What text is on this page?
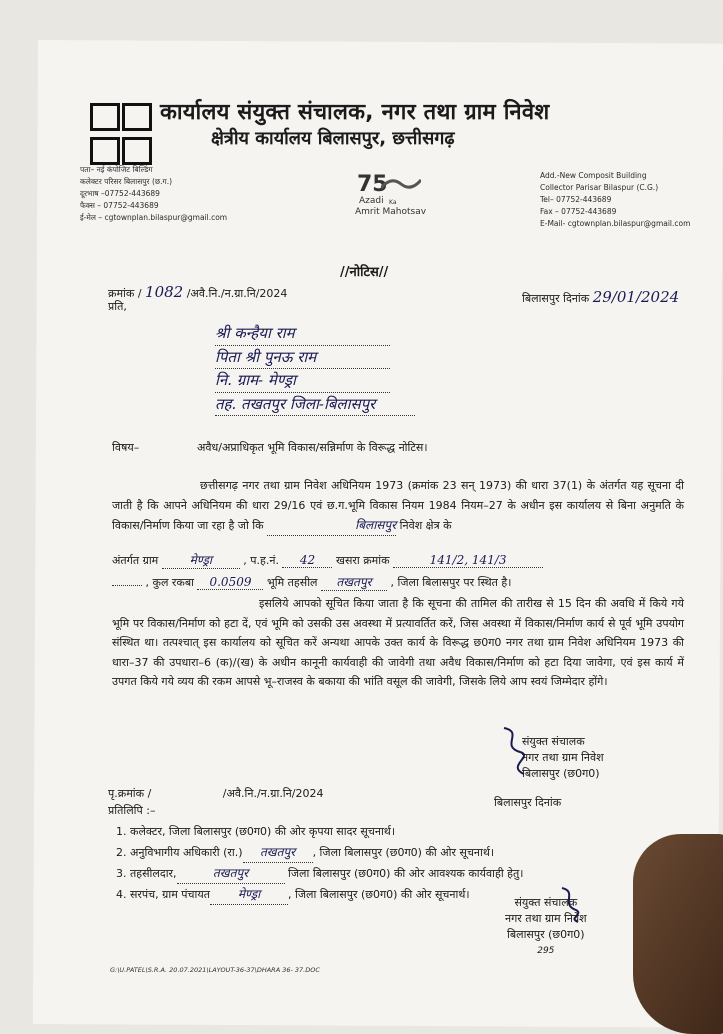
कार्यालय संयुक्त संचालक, नगर तथा ग्राम निवेश
क्षेत्रीय कार्यालय बिलासपुर, छत्तीसगढ़
पता– नई कंपोजिट बिल्डिंग
कलेक्टर परिसर बिलासपुर (छ.ग.)
दूरभाष –07752-443689
फैक्स – 07752-443689
ई-मेल – cgtownplan.bilaspur@gmail.com
75
Azadi Ka
Amrit Mahotsav
Add.-New Composit Building
Collector Parisar Bilaspur (C.G.)
Tel– 07752-443689
Fax – 07752-443689
E-Mail- cgtownplan.bilaspur@gmail.com
//नोटिस//
क्रमांक / 1082 /अवै.नि./न.ग्रा.नि/2024
प्रति,
बिलासपुर दिनांक 29/01/2024
श्री कन्हैया राम
पिता श्री पुनऊ राम
नि. ग्राम- मेण्ड्रा
तह. तखतपुर जिला-बिलासपुर
विषय–	अवैध/अप्राधिकृत भूमि विकास/सन्निर्माण के विरूद्ध नोटिस।
छत्तीसगढ़ नगर तथा ग्राम निवेश अधिनियम 1973 (क्रमांक 23 सन् 1973) की धारा 37(1) के अंतर्गत यह सूचना दी जाती है कि आपने अधिनियम की धारा 29/16 एवं छ.ग.भूमि विकास नियम 1984 नियम–27 के अधीन इस कार्यालय से बिना अनुमति के विकास/निर्माण किया जा रहा है जो कि	बिलासपुर निवेश क्षेत्र के
अंतर्गत ग्राम	मेण्ड्रा	, प.ह.नं. 42 खसरा क्रमांक	141/2, 141/3
, कुल रकबा 0.0509 भूमि तहसील तखतपुर , जिला बिलासपुर पर स्थित है।
इसलिये आपको सूचित किया जाता है कि सूचना की तामिल की तारीख से 15 दिन की अवधि में किये गये भूमि पर विकास/निर्माण को हटा दें, एवं भूमि को उसकी उस अवस्था में प्रत्यावर्तित करें, जिस अवस्था में विकास/निर्माण कार्य से पूर्व भूमि उपयोग संस्थित था। तत्पश्चात् इस कार्यालय को सूचित करें अन्यथा आपके उक्त कार्य के विरूद्ध छ0ग0 नगर तथा ग्राम निवेश अधिनियम 1973 की धारा–37 की उपधारा–6 (क)/(ख) के अधीन कानूनी कार्यवाही की जावेगी तथा अवैध विकास/निर्माण को हटा दिया जावेगा, एवं इस कार्य में उपगत किये गये व्यय की रकम आपसे भू–राजस्व के बकाया की भांति वसूल की जावेगी, जिसके लिये आप स्वयं जिम्मेदार होंगे।
संयुक्त संचालक
नगर तथा ग्राम निवेश
बिलासपुर (छ0ग0)
पृ.क्रमांक /	/अवै.नि./न.ग्रा.नि/2024
बिलासपुर दिनांक
प्रतिलिपि :–
1. कलेक्टर, जिला बिलासपुर (छ0ग0) की ओर कृपया सादर सूचनार्थ।
2. अनुविभागीय अधिकारी (रा.) तखतपुर , जिला बिलासपुर (छ0ग0) की ओर सूचनार्थ।
3. तहसीलदार,	तखतपुर	जिला बिलासपुर (छ0ग0) की ओर आवश्यक कार्यवाही हेतु।
4. सरपंच, ग्राम पंचायत मेण्ड्रा	, जिला बिलासपुर (छ0ग0) की ओर सूचनार्थ।
संयुक्त संचालक
नगर तथा ग्राम निवेश
बिलासपुर (छ0ग0)
295
G:\U.PATEL\S.R.A. 20.07.2021\LAYOUT-36-37\DHARA 36- 37.DOC
